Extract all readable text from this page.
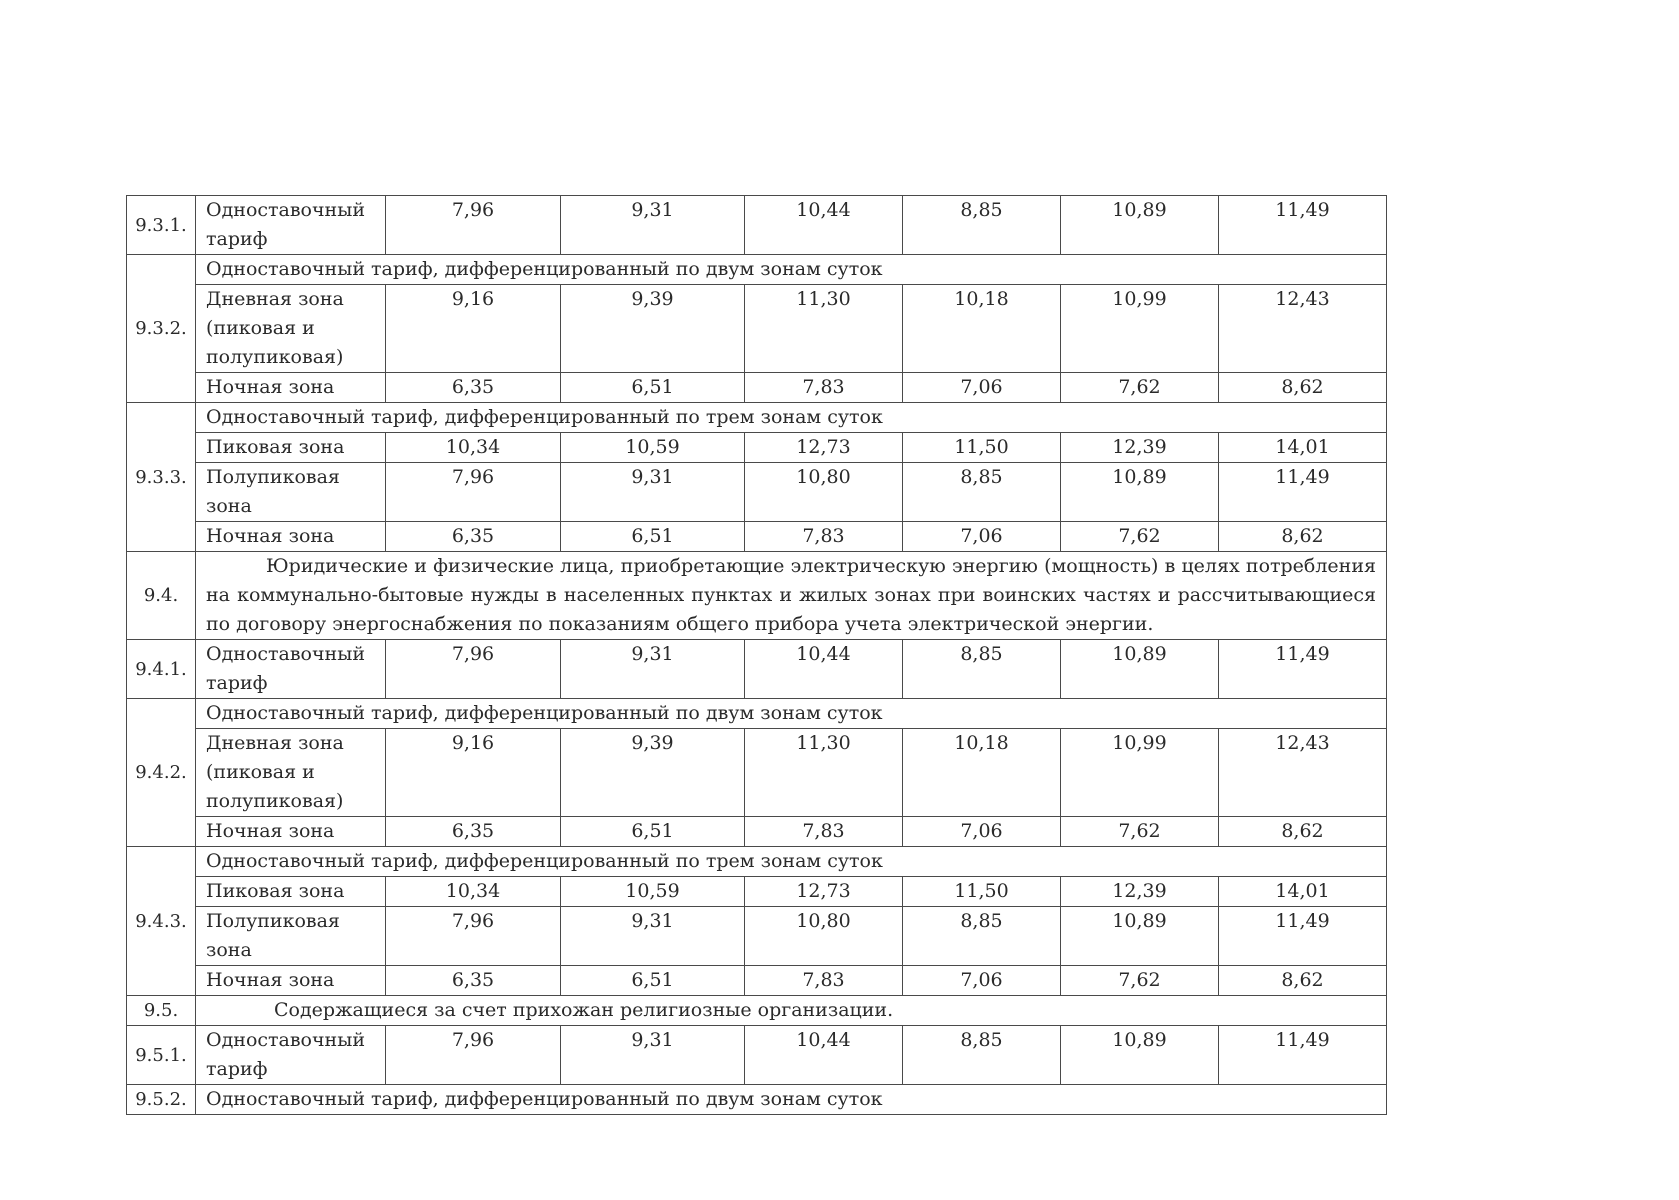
9.3.1.	Одноставочный тариф	7,96	9,31	10,44	8,85	10,89	11,49
9.3.2.	Одноставочный тариф, дифференцированный по двум зонам суток						
	Дневная зона (пиковая и полупиковая)	9,16	9,39	11,30	10,18	10,99	12,43
	Ночная зона	6,35	6,51	7,83	7,06	7,62	8,62
9.3.3.	Одноставочный тариф, дифференцированный по трем зонам суток						
	Пиковая зона	10,34	10,59	12,73	11,50	12,39	14,01
	Полупиковая зона	7,96	9,31	10,80	8,85	10,89	11,49
	Ночная зона	6,35	6,51	7,83	7,06	7,62	8,62
9.4.	Юридические и физические лица, приобретающие электрическую энергию (мощность) в целях потребления на коммунально-бытовые нужды в населенных пунктах и жилых зонах при воинских частях и рассчитывающиеся по договору энергоснабжения по показаниям общего прибора учета электрической энергии.						
9.4.1.	Одноставочный тариф	7,96	9,31	10,44	8,85	10,89	11,49
9.4.2.	Одноставочный тариф, дифференцированный по двум зонам суток						
	Дневная зона (пиковая и полупиковая)	9,16	9,39	11,30	10,18	10,99	12,43
	Ночная зона	6,35	6,51	7,83	7,06	7,62	8,62
9.4.3.	Одноставочный тариф, дифференцированный по трем зонам суток						
	Пиковая зона	10,34	10,59	12,73	11,50	12,39	14,01
	Полупиковая зона	7,96	9,31	10,80	8,85	10,89	11,49
	Ночная зона	6,35	6,51	7,83	7,06	7,62	8,62
9.5.	Содержащиеся за счет прихожан религиозные организации.						
9.5.1.	Одноставочный тариф	7,96	9,31	10,44	8,85	10,89	11,49
9.5.2.	Одноставочный тариф, дифференцированный по двум зонам суток						
